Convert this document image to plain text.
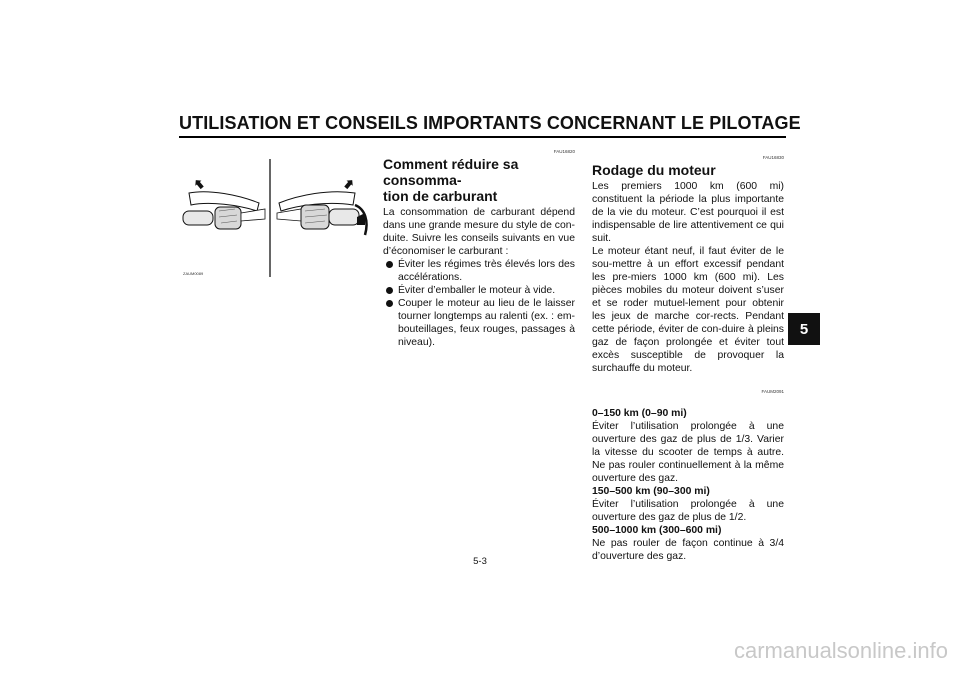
UTILISATION ET CONSEILS IMPORTANTS CONCERNANT LE PILOTAGE
5
ZAUM0089
FAU16820
Comment réduire sa consomma-
tion de carburant

La consommation de carburant dépend dans une grande mesure du style de con-duite. Suivre les conseils suivants en vue d’économiser le carburant :

Éviter les régimes très élevés lors des accélérations.
Éviter d’emballer le moteur à vide.
Couper le moteur au lieu de le laisser tourner longtemps au ralenti (ex. : em-bouteillages, feux rouges, passages à niveau).
FAU16830
Rodage du moteur

Les premiers 1000 km (600 mi) constituent la période la plus importante de la vie du moteur. C’est pourquoi il est indispensable de lire attentivement ce qui suit.

Le moteur étant neuf, il faut éviter de le sou-mettre à un effort excessif pendant les pre-miers 1000 km (600 mi). Les pièces mobiles du moteur doivent s’user et se roder mutuel-lement pour obtenir les jeux de marche cor-rects. Pendant cette période, éviter de con-duire à pleins gaz de façon prolongée et éviter tout excès susceptible de provoquer la surchauffe du moteur.

FAUM2091
0–150 km (0–90 mi)

Éviter l’utilisation prolongée à une ouverture des gaz de plus de 1/3. Varier la vitesse du scooter de temps à autre. Ne pas rouler continuellement à la même ouverture des gaz.

150–500 km (90–300 mi)

Éviter l’utilisation prolongée à une ouverture des gaz de plus de 1/2.

500–1000 km (300–600 mi)

Ne pas rouler de façon continue à 3/4 d’ouverture des gaz.

5-3
carmanualsonline.info
